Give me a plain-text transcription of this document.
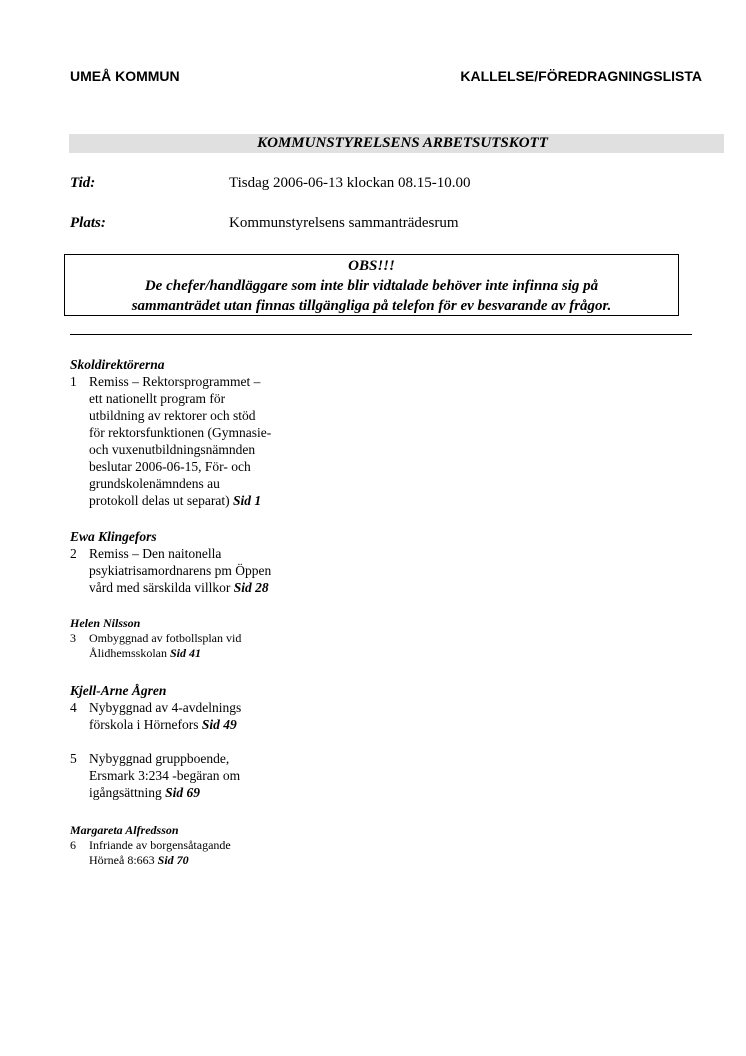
UMEÅ KOMMUN	KALLELSE/FÖREDRAGNINGSLISTA
KOMMUNSTYRELSENS ARBETSUTSKOTT
Tid:	Tisdag 2006-06-13 klockan 08.15-10.00
Plats:	Kommunstyrelsens sammanträdesrum
OBS!!!
De chefer/handläggare som inte blir vidtalade behöver inte infinna sig på
sammanträdet utan finnas tillgängliga på telefon för ev besvarande av frågor.
Skoldirektörerna
1 Remiss – Rektorsprogrammet –
ett nationellt program för
utbildning av rektorer och stöd
för rektorsfunktionen (Gymnasie-
och vuxenutbildningsnämnden
beslutar 2006-06-15, För- och
grundskolenämndens au
protokoll delas ut separat) Sid 1
Ewa Klingefors
2 Remiss – Den naitonella
psykiatrisamordnarens pm Öppen
vård med särskilda villkor Sid 28
Helen Nilsson
3 Ombyggnad av fotbollsplan vid
Ålidhemsskolan Sid 41
Kjell-Arne Ågren
4 Nybyggnad av 4-avdelnings
förskola i Hörnefors Sid 49
5 Nybyggnad gruppboende,
Ersmark 3:234 -begäran om
igångsättning Sid 69
Margareta Alfredsson
6 Infriande av borgensåtagande
Hörneå 8:663 Sid 70
